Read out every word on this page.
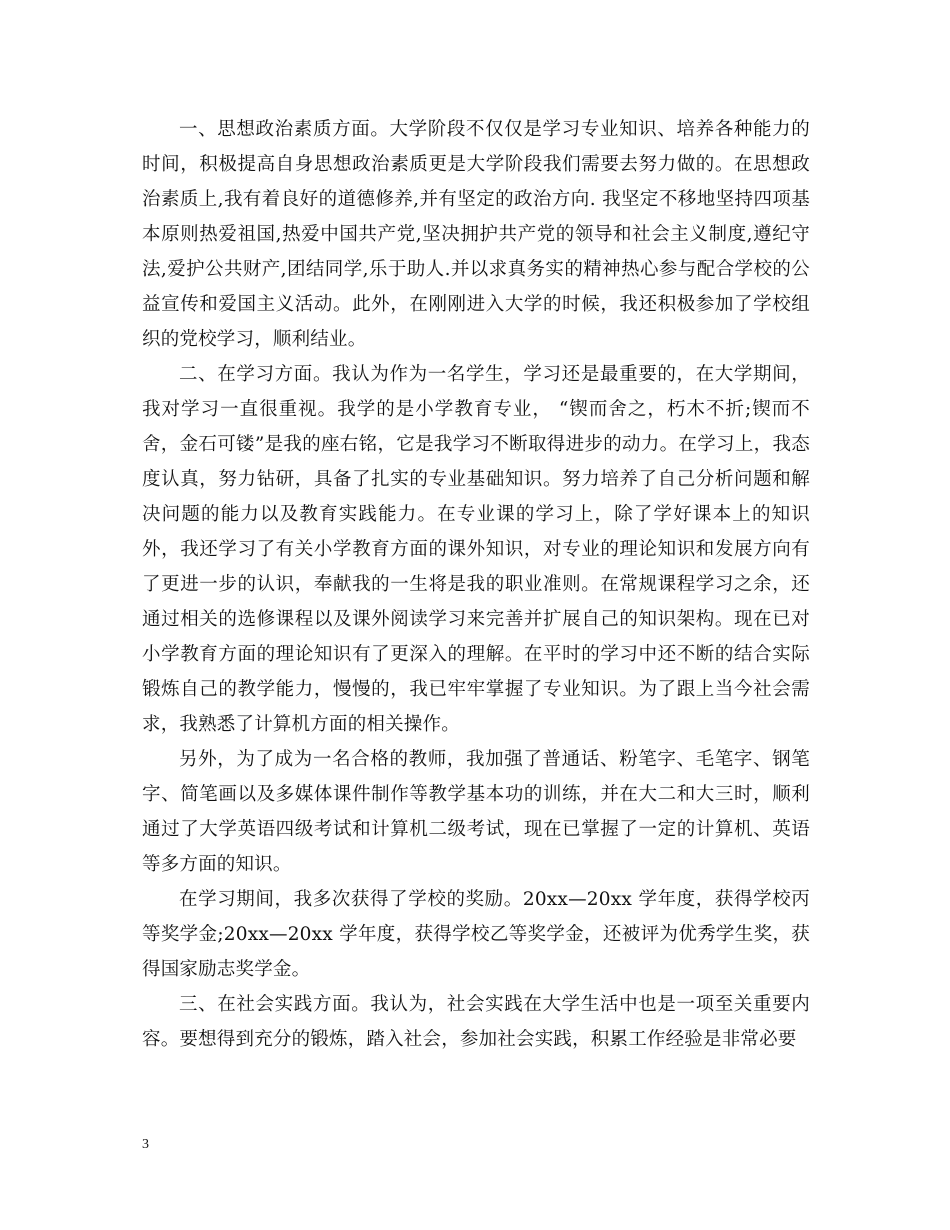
一、思想政治素质方面。大学阶段不仅仅是学习专业知识、培养各种能力的时间，积极提高自身思想政治素质更是大学阶段我们需要去努力做的。在思想政治素质上,我有着良好的道德修养,并有坚定的政治方向. 我坚定不移地坚持四项基本原则热爱祖国,热爱中国共产党,坚决拥护共产党的领导和社会主义制度,遵纪守法,爱护公共财产,团结同学,乐于助人.并以求真务实的精神热心参与配合学校的公益宣传和爱国主义活动。此外，在刚刚进入大学的时候，我还积极参加了学校组织的党校学习，顺利结业。

二、在学习方面。我认为作为一名学生，学习还是最重要的，在大学期间，我对学习一直很重视。我学的是小学教育专业， “锲而舍之，朽木不折;锲而不舍，金石可镂”是我的座右铭，它是我学习不断取得进步的动力。在学习上，我态度认真，努力钻研，具备了扎实的专业基础知识。努力培养了自己分析问题和解决问题的能力以及教育实践能力。在专业课的学习上，除了学好课本上的知识外，我还学习了有关小学教育方面的课外知识，对专业的理论知识和发展方向有了更进一步的认识，奉献我的一生将是我的职业准则。在常规课程学习之余，还通过相关的选修课程以及课外阅读学习来完善并扩展自己的知识架构。现在已对小学教育方面的理论知识有了更深入的理解。在平时的学习中还不断的结合实际锻炼自己的教学能力，慢慢的，我已牢牢掌握了专业知识。为了跟上当今社会需求，我熟悉了计算机方面的相关操作。

另外，为了成为一名合格的教师，我加强了普通话、粉笔字、毛笔字、钢笔字、简笔画以及多媒体课件制作等教学基本功的训练，并在大二和大三时，顺利通过了大学英语四级考试和计算机二级考试，现在已掌握了一定的计算机、英语等多方面的知识。

在学习期间，我多次获得了学校的奖励。20xx—20xx 学年度，获得学校丙等奖学金;20xx—20xx 学年度，获得学校乙等奖学金，还被评为优秀学生奖，获得国家励志奖学金。

三、在社会实践方面。我认为，社会实践在大学生活中也是一项至关重要内容。要想得到充分的锻炼，踏入社会，参加社会实践，积累工作经验是非常必要

3
